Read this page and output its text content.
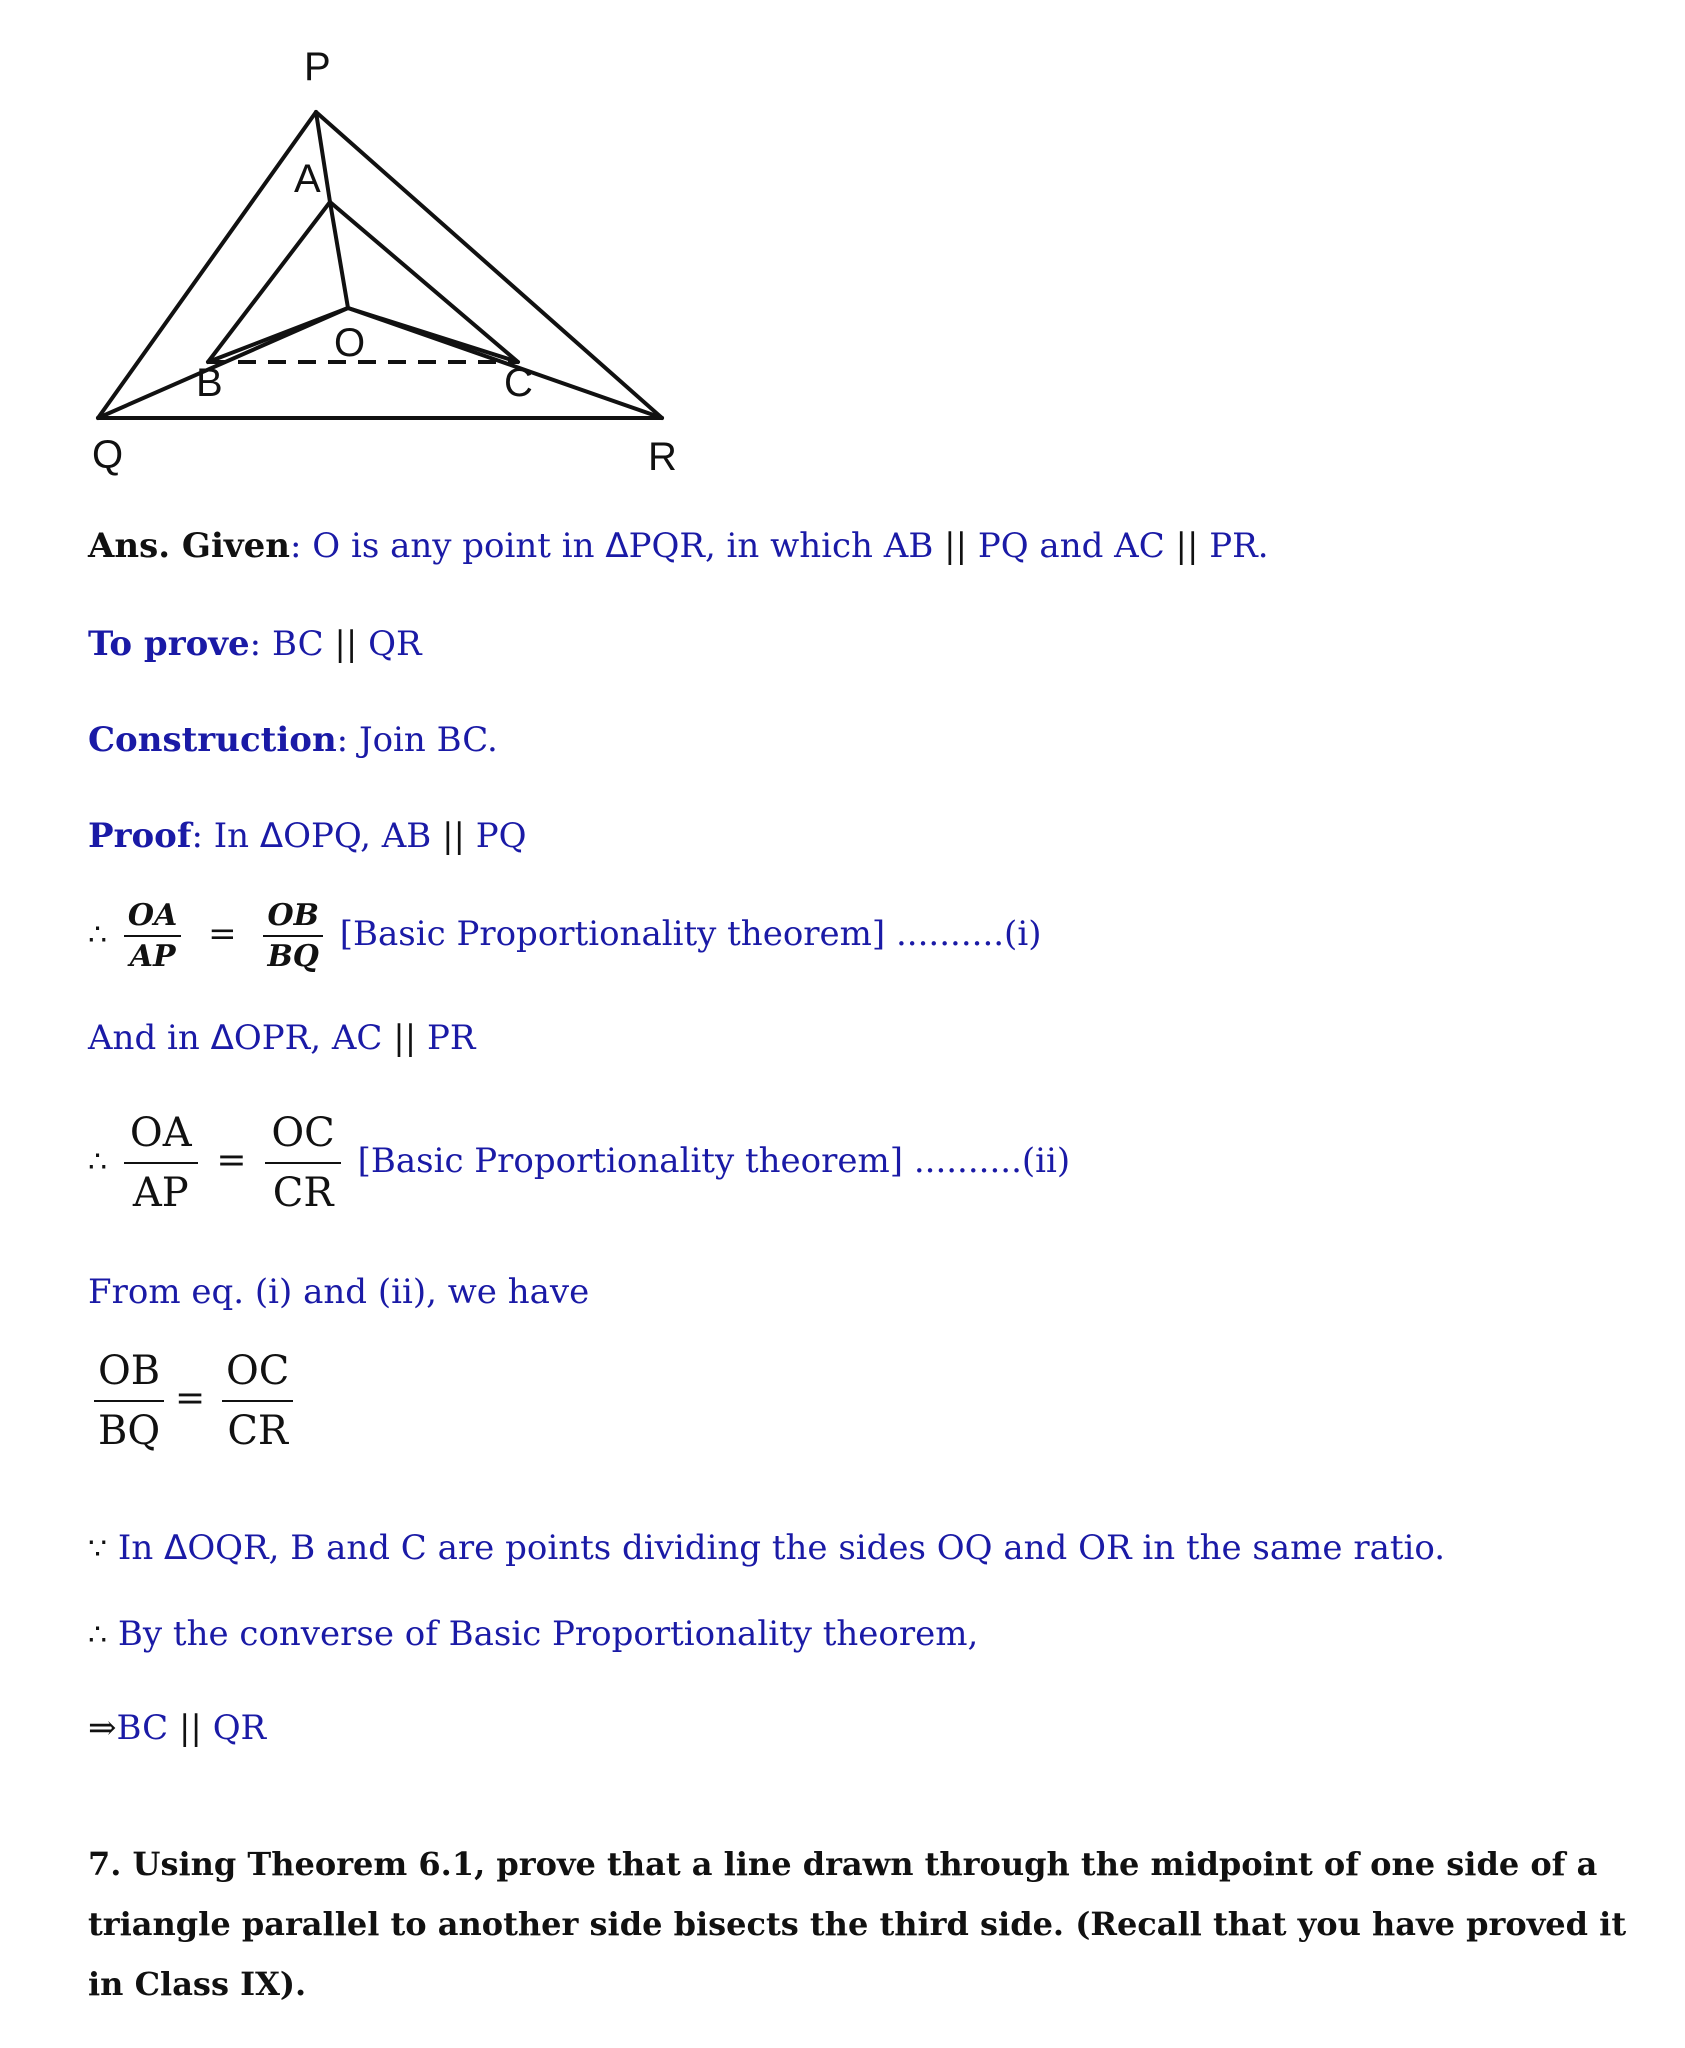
P
A
O
B	C
Q	R
Ans. Given: O is any point in ΔPQR, in which AB || PQ and AC || PR.
To prove: BC || QR
Construction: Join BC.
Proof: In ΔOPQ, AB || PQ
∴ $\frac{OA}{AP} = \frac{OB}{BQ}$ [Basic Proportionality theorem] ..........(i)
And in ΔOPR, AC || PR
∴ $\frac{OA}{AP} = \frac{OC}{CR}$ [Basic Proportionality theorem] ..........(ii)
From eq. (i) and (ii), we have
$\frac{OB}{BQ} = \frac{OC}{CR}$
∵ In ΔOQR, B and C are points dividing the sides OQ and OR in the same ratio.
∴ By the converse of Basic Proportionality theorem,
⇒BC || QR
7. Using Theorem 6.1, prove that a line drawn through the midpoint of one side of a triangle parallel to another side bisects the third side. (Recall that you have proved it in Class IX).
